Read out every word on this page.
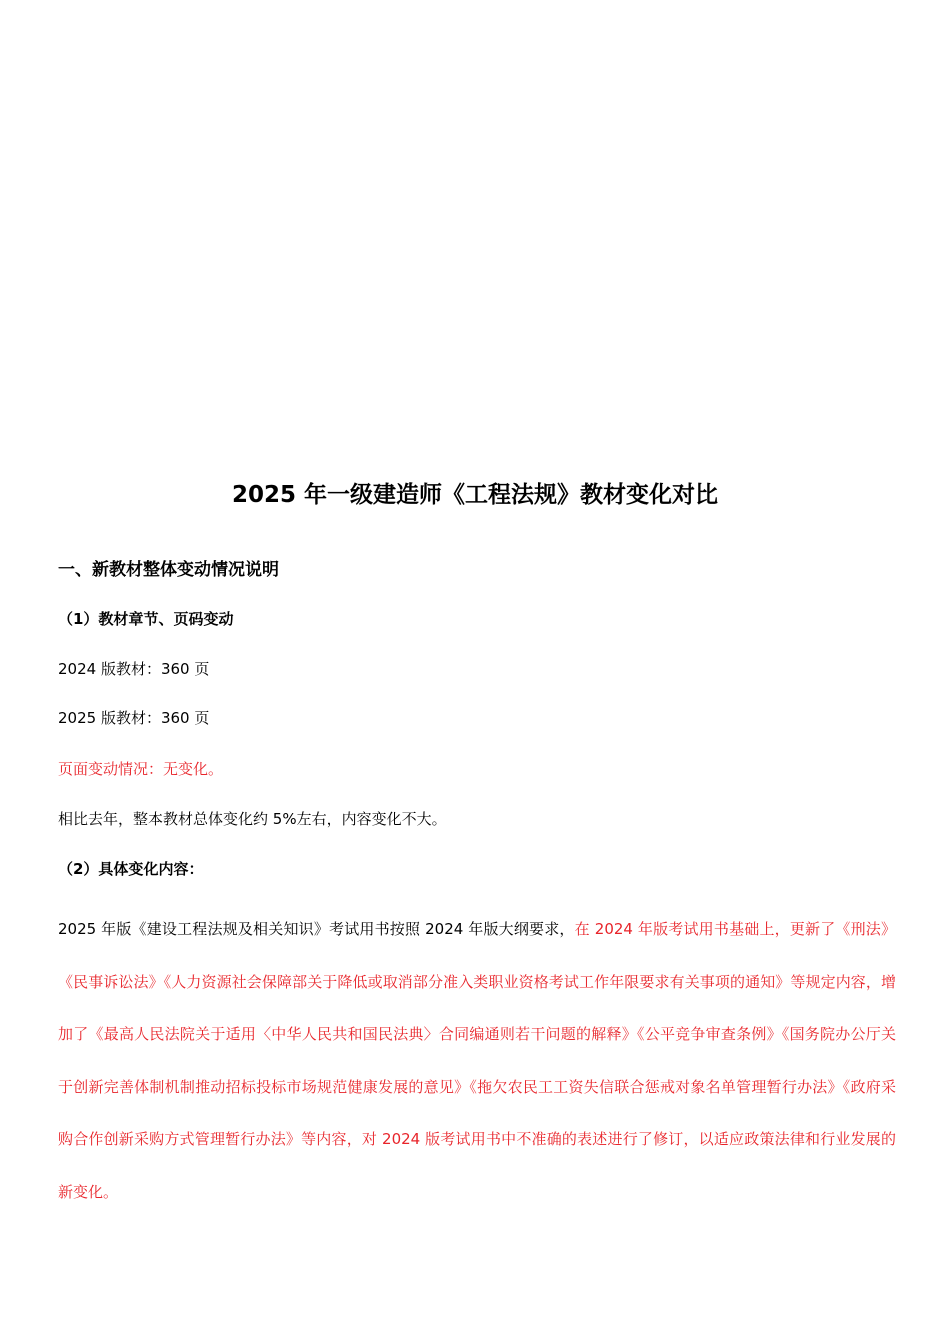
2025 年一级建造师《工程法规》教材变化对比
一、新教材整体变动情况说明
（1）教材章节、页码变动

2024 版教材：360 页

2025 版教材：360 页

页面变动情况：无变化。

相比去年，整本教材总体变化约 5%左右，内容变化不大。

（2）具体变化内容：

2025 年版《建设工程法规及相关知识》考试用书按照 2024 年版大纲要求，在 2024 年版考试用书基础上，更新了《刑法》《民事诉讼法》《人力资源社会保障部关于降低或取消部分准入类职业资格考试工作年限要求有关事项的通知》等规定内容，增加了《最高人民法院关于适用〈中华人民共和国民法典〉合同编通则若干问题的解释》《公平竞争审查条例》《国务院办公厅关于创新完善体制机制推动招标投标市场规范健康发展的意见》《拖欠农民工工资失信联合惩戒对象名单管理暂行办法》《政府采购合作创新采购方式管理暂行办法》等内容，对 2024 版考试用书中不准确的表述进行了修订，以适应政策法律和行业发展的新变化。
